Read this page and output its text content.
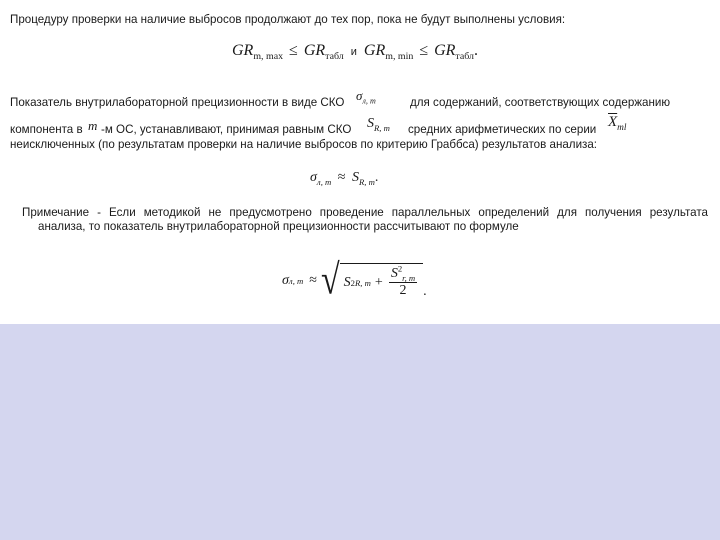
Процедуру проверки на наличие выбросов продолжают до тех пор, пока не будут выполнены условия:
$GR_{m, max} \le GR_{табл}$ и $GR_{m, min} \le GR_{табл}$.
Показатель внутрилабораторной прецизионности в виде СКО $\sigma_{л, m}$	для содержаний, соответствующих содержанию
компонента в m -м ОС, устанавливают, принимая равным СКО $S_{R, m}$ средних арифметических по серии $\overline{X}_{ml}$
неисключенных (по результатам проверки на наличие выбросов по критерию Граббса) результатов анализа:
$\sigma_{л, m} \approx S_{R, m}$.
Примечание - Если методикой не предусмотрено проведение параллельных определений для получения результата
анализа, то показатель внутрилабораторной прецизионности рассчитывают по формуле
σ л, m ≈ √ S 2 R, $m + \frac{S^2_{r, m}}{2}$ .
